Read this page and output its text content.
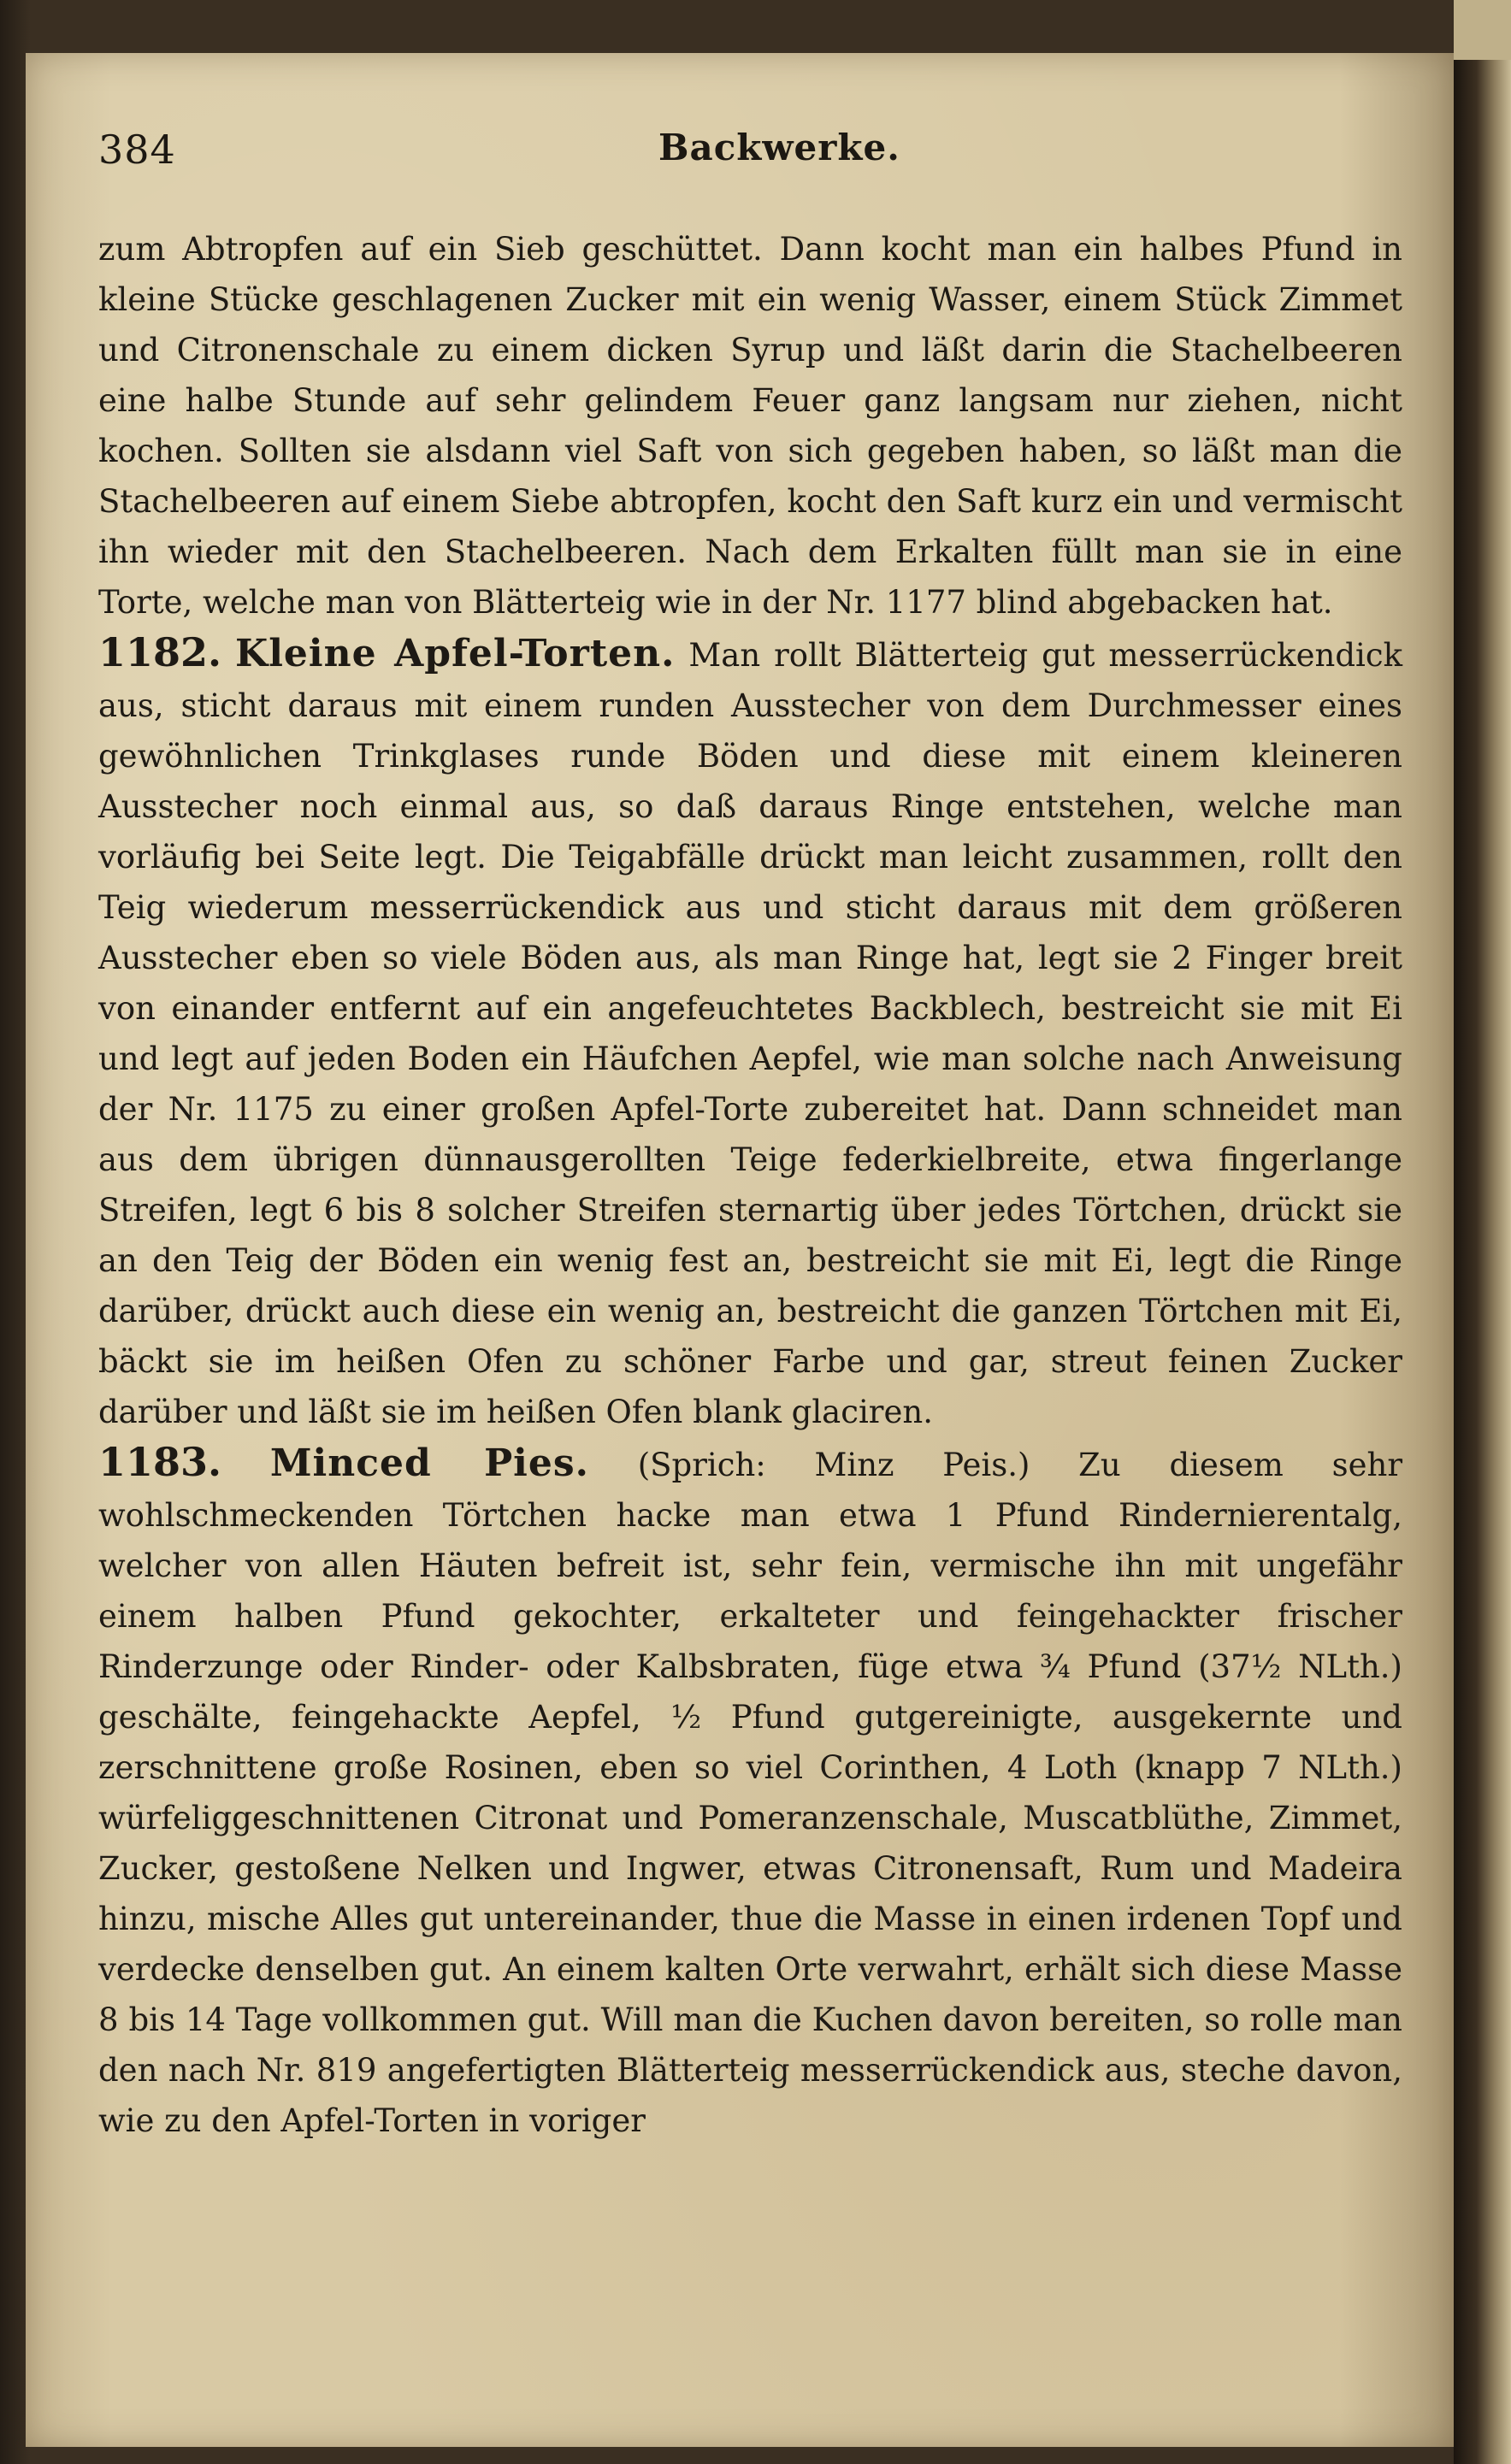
384	Backwerke.

zum Abtropfen auf ein Sieb geschüttet. Dann kocht man ein halbes Pfund in kleine Stücke geschlagenen Zucker mit ein wenig Wasser, einem Stück Zimmet und Citronenschale zu einem dicken Syrup und läßt darin die Stachelbeeren eine halbe Stunde auf sehr gelindem Feuer ganz langsam nur ziehen, nicht kochen. Sollten sie alsdann viel Saft von sich gegeben haben, so läßt man die Stachelbeeren auf einem Siebe abtropfen, kocht den Saft kurz ein und vermischt ihn wieder mit den Stachelbeeren. Nach dem Erkalten füllt man sie in eine Torte, welche man von Blätterteig wie in der Nr. 1177 blind abgebacken hat.

1182. Kleine Apfel-Torten. Man rollt Blätterteig gut messerrückendick aus, sticht daraus mit einem runden Ausstecher von dem Durchmesser eines gewöhnlichen Trinkglases runde Böden und diese mit einem kleineren Ausstecher noch einmal aus, so daß daraus Ringe entstehen, welche man vorläufig bei Seite legt. Die Teigabfälle drückt man leicht zusammen, rollt den Teig wiederum messerrückendick aus und sticht daraus mit dem größeren Ausstecher eben so viele Böden aus, als man Ringe hat, legt sie 2 Finger breit von einander entfernt auf ein angefeuchtetes Backblech, bestreicht sie mit Ei und legt auf jeden Boden ein Häufchen Aepfel, wie man solche nach Anweisung der Nr. 1175 zu einer großen Apfel-Torte zubereitet hat. Dann schneidet man aus dem übrigen dünnausgerollten Teige federkielbreite, etwa fingerlange Streifen, legt 6 bis 8 solcher Streifen sternartig über jedes Törtchen, drückt sie an den Teig der Böden ein wenig fest an, bestreicht sie mit Ei, legt die Ringe darüber, drückt auch diese ein wenig an, bestreicht die ganzen Törtchen mit Ei, bäckt sie im heißen Ofen zu schöner Farbe und gar, streut feinen Zucker darüber und läßt sie im heißen Ofen blank glaciren.

1183. Minced Pies. (Sprich: Minz Peis.) Zu diesem sehr wohlschmeckenden Törtchen hacke man etwa 1 Pfund Rindernierentalg, welcher von allen Häuten befreit ist, sehr fein, vermische ihn mit ungefähr einem halben Pfund gekochter, erkalteter und feingehackter frischer Rinderzunge oder Rinder- oder Kalbsbraten, füge etwa ¾ Pfund (37½ NLth.) geschälte, feingehackte Aepfel, ½ Pfund gutgereinigte, ausgekernte und zerschnittene große Rosinen, eben so viel Corinthen, 4 Loth (knapp 7 NLth.) würfeliggeschnittenen Citronat und Pomeranzenschale, Muscatblüthe, Zimmet, Zucker, gestoßene Nelken und Ingwer, etwas Citronensaft, Rum und Madeira hinzu, mische Alles gut untereinander, thue die Masse in einen irdenen Topf und verdecke denselben gut. An einem kalten Orte verwahrt, erhält sich diese Masse 8 bis 14 Tage vollkommen gut. Will man die Kuchen davon bereiten, so rolle man den nach Nr. 819 angefertigten Blätterteig messerrückendick aus, steche davon, wie zu den Apfel-Torten in voriger
